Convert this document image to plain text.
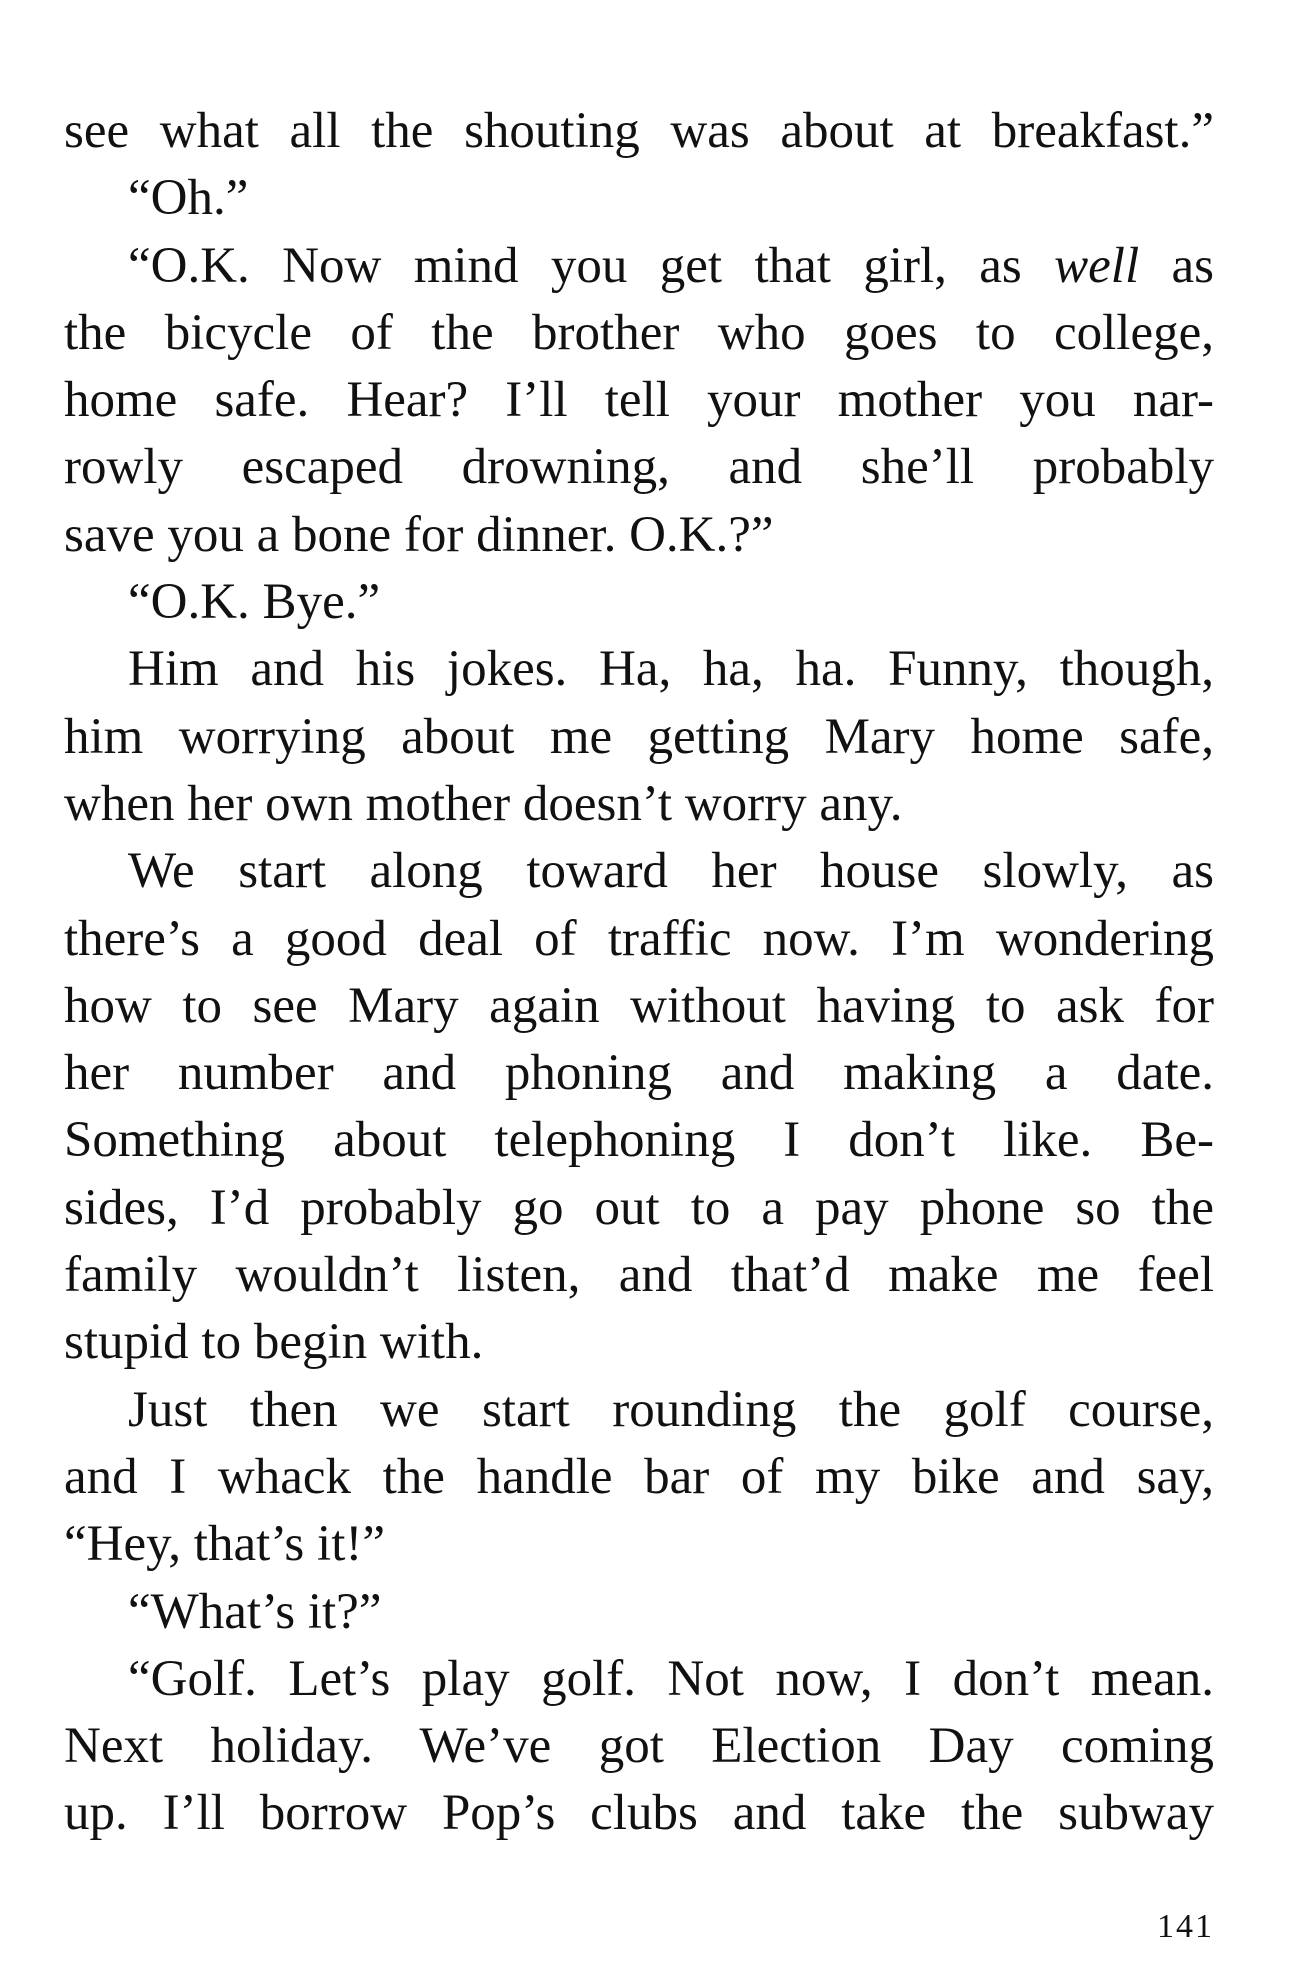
see what all the shouting was about at breakfast.”
“Oh.”
“O.K. Now mind you get that girl, as well as
the bicycle of the brother who goes to college,
home safe. Hear? I’ll tell your mother you nar-
rowly escaped drowning, and she’ll probably
save you a bone for dinner. O.K.?”
“O.K. Bye.”
Him and his jokes. Ha, ha, ha. Funny, though,
him worrying about me getting Mary home safe,
when her own mother doesn’t worry any.
We start along toward her house slowly, as
there’s a good deal of traffic now. I’m wondering
how to see Mary again without having to ask for
her number and phoning and making a date.
Something about telephoning I don’t like. Be-
sides, I’d probably go out to a pay phone so the
family wouldn’t listen, and that’d make me feel
stupid to begin with.
Just then we start rounding the golf course,
and I whack the handle bar of my bike and say,
“Hey, that’s it!”
“What’s it?”
“Golf. Let’s play golf. Not now, I don’t mean.
Next holiday. We’ve got Election Day coming
up. I’ll borrow Pop’s clubs and take the subway
141
